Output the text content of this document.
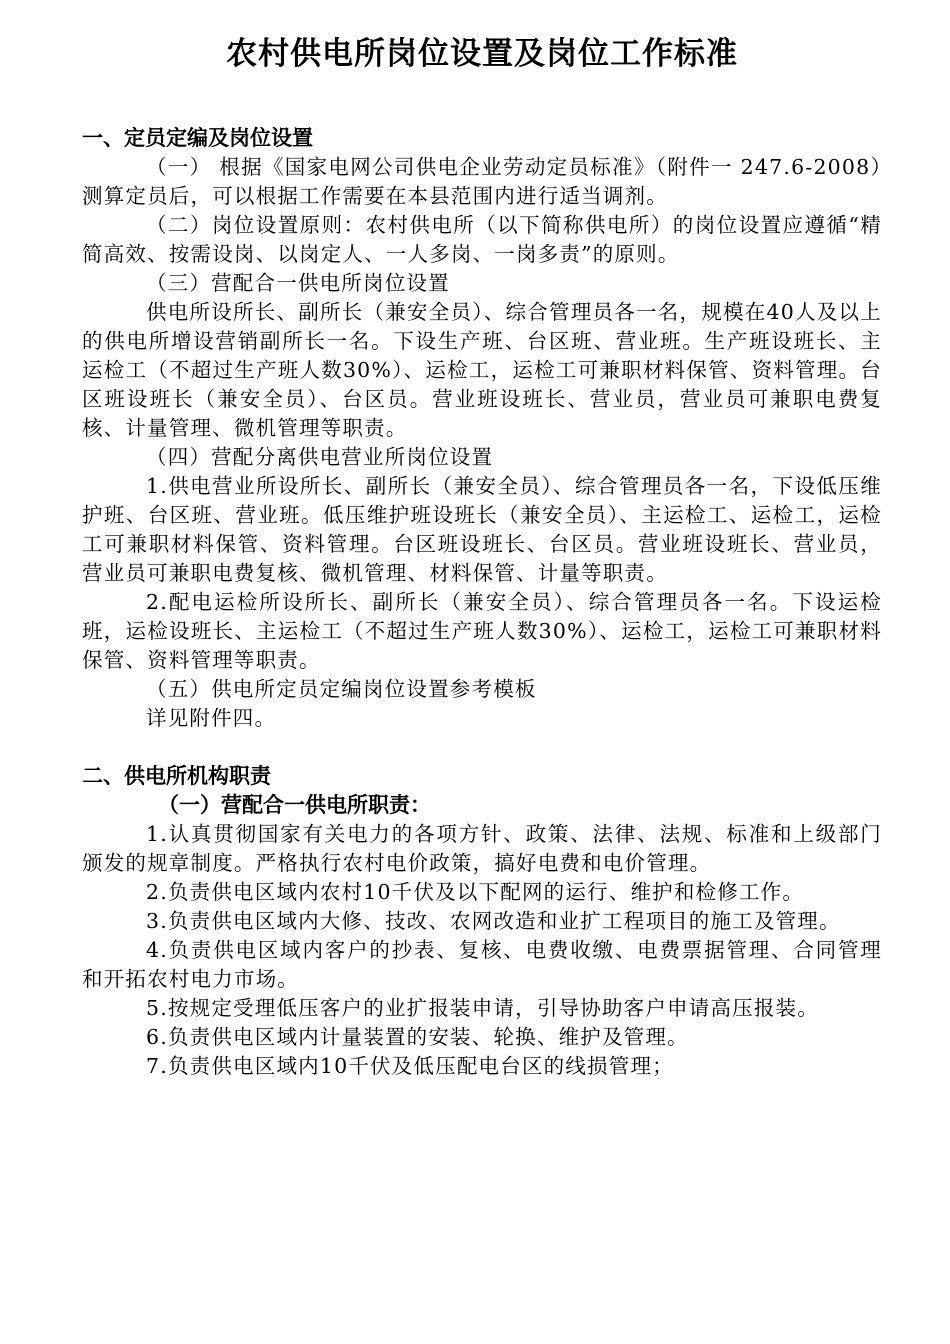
农村供电所岗位设置及岗位工作标准
一、定员定编及岗位设置

（一） 根据《国家电网公司供电企业劳动定员标准》（附件一 247.6-2008）测算定员后，可以根据工作需要在本县范围内进行适当调剂。

（二）岗位设置原则：农村供电所（以下简称供电所）的岗位设置应遵循“精简高效、按需设岗、以岗定人、一人多岗、一岗多责”的原则。

（三）营配合一供电所岗位设置

供电所设所长、副所长（兼安全员）、综合管理员各一名，规模在40人及以上的供电所增设营销副所长一名。下设生产班、台区班、营业班。生产班设班长、主运检工（不超过生产班人数30%）、运检工，运检工可兼职材料保管、资料管理。台区班设班长（兼安全员）、台区员。营业班设班长、营业员，营业员可兼职电费复核、计量管理、微机管理等职责。

（四）营配分离供电营业所岗位设置

1.供电营业所设所长、副所长（兼安全员）、综合管理员各一名，下设低压维护班、台区班、营业班。低压维护班设班长（兼安全员）、主运检工、运检工，运检工可兼职材料保管、资料管理。台区班设班长、台区员。营业班设班长、营业员，营业员可兼职电费复核、微机管理、材料保管、计量等职责。

2.配电运检所设所长、副所长（兼安全员）、综合管理员各一名。下设运检班，运检设班长、主运检工（不超过生产班人数30%）、运检工，运检工可兼职材料保管、资料管理等职责。

（五）供电所定员定编岗位设置参考模板

详见附件四。

二、供电所机构职责
（一）营配合一供电所职责：

1.认真贯彻国家有关电力的各项方针、政策、法律、法规、标准和上级部门颁发的规章制度。严格执行农村电价政策，搞好电费和电价管理。

2.负责供电区域内农村10千伏及以下配网的运行、维护和检修工作。

3.负责供电区域内大修、技改、农网改造和业扩工程项目的施工及管理。

4.负责供电区域内客户的抄表、复核、电费收缴、电费票据管理、合同管理和开拓农村电力市场。

5.按规定受理低压客户的业扩报装申请，引导协助客户申请高压报装。

6.负责供电区域内计量装置的安装、轮换、维护及管理。

7.负责供电区域内10千伏及低压配电台区的线损管理；
